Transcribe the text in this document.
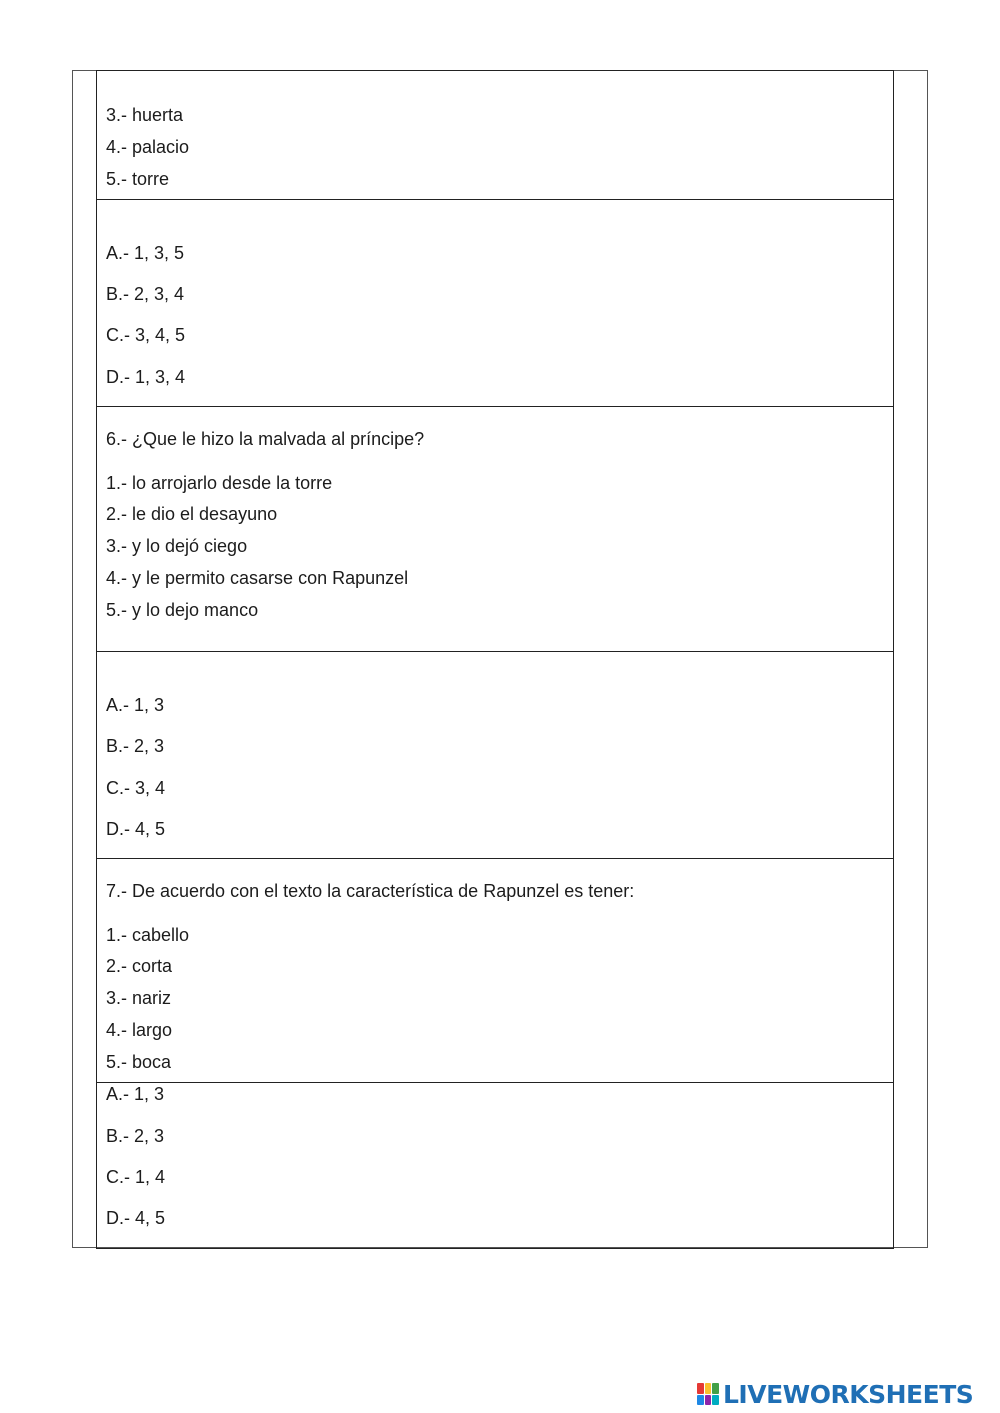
3.- huerta
4.- palacio
5.- torre
A.- 1, 3, 5
B.- 2, 3, 4
C.- 3, 4, 5
D.- 1, 3, 4
6.- ¿Que le hizo la malvada al príncipe?
1.- lo arrojarlo desde la torre
2.- le dio el desayuno
3.- y lo dejó ciego
4.- y le permito casarse con Rapunzel
5.- y lo dejo manco
A.- 1, 3
B.- 2, 3
C.- 3, 4
D.- 4, 5
7.- De acuerdo con el texto la característica de Rapunzel es tener:
1.- cabello
2.- corta
3.- nariz
4.- largo
5.- boca
A.- 1, 3
B.- 2, 3
C.- 1, 4
D.- 4, 5
LIVEWORKSHEETS
